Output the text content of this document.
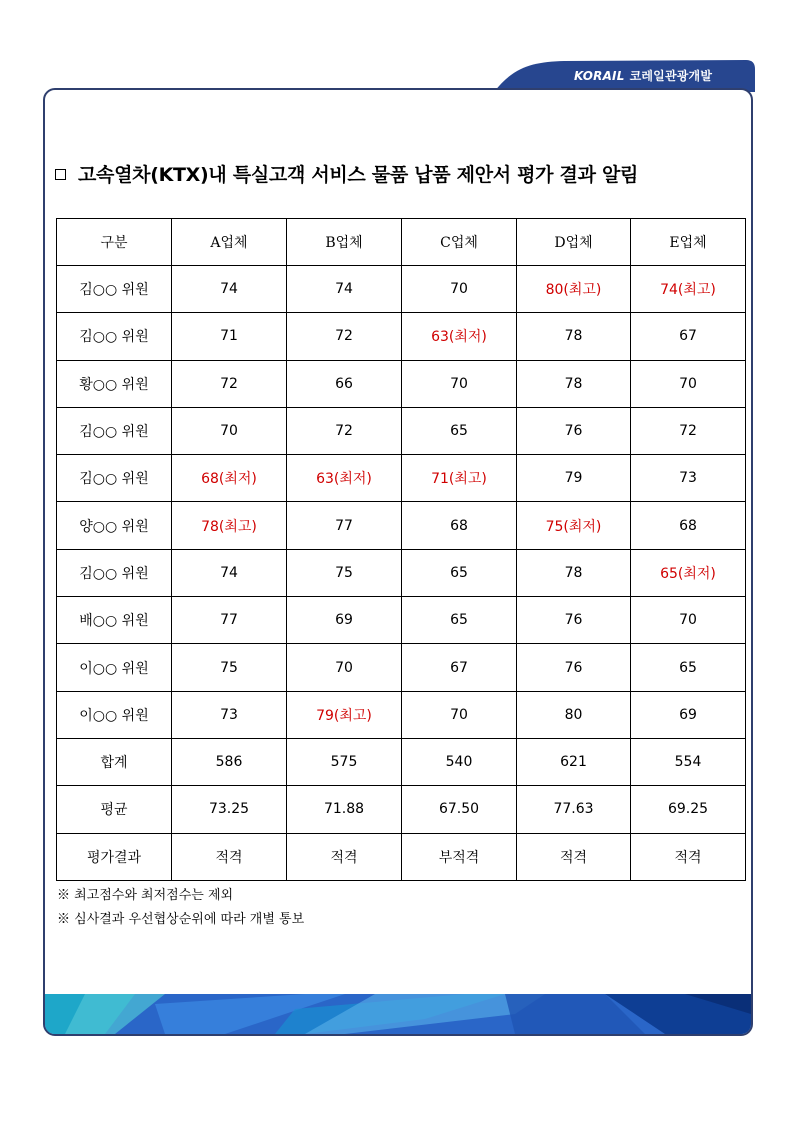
KORAIL 코레일관광개발
고속열차(KTX)내 특실고객 서비스 물품 납품 제안서 평가 결과 알림
구분	A업체	B업체	C업체	D업체	E업체
김○○ 위원	74	74	70	80(최고)	74(최고)
김○○ 위원	71	72	63(최저)	78	67
황○○ 위원	72	66	70	78	70
김○○ 위원	70	72	65	76	72
김○○ 위원	68(최저)	63(최저)	71(최고)	79	73
양○○ 위원	78(최고)	77	68	75(최저)	68
김○○ 위원	74	75	65	78	65(최저)
배○○ 위원	77	69	65	76	70
이○○ 위원	75	70	67	76	65
이○○ 위원	73	79(최고)	70	80	69
합계	586	575	540	621	554
평균	73.25	71.88	67.50	77.63	69.25
평가결과	적격	적격	부적격	적격	적격
※ 최고점수와 최저점수는 제외
※ 심사결과 우선협상순위에 따라 개별 통보
